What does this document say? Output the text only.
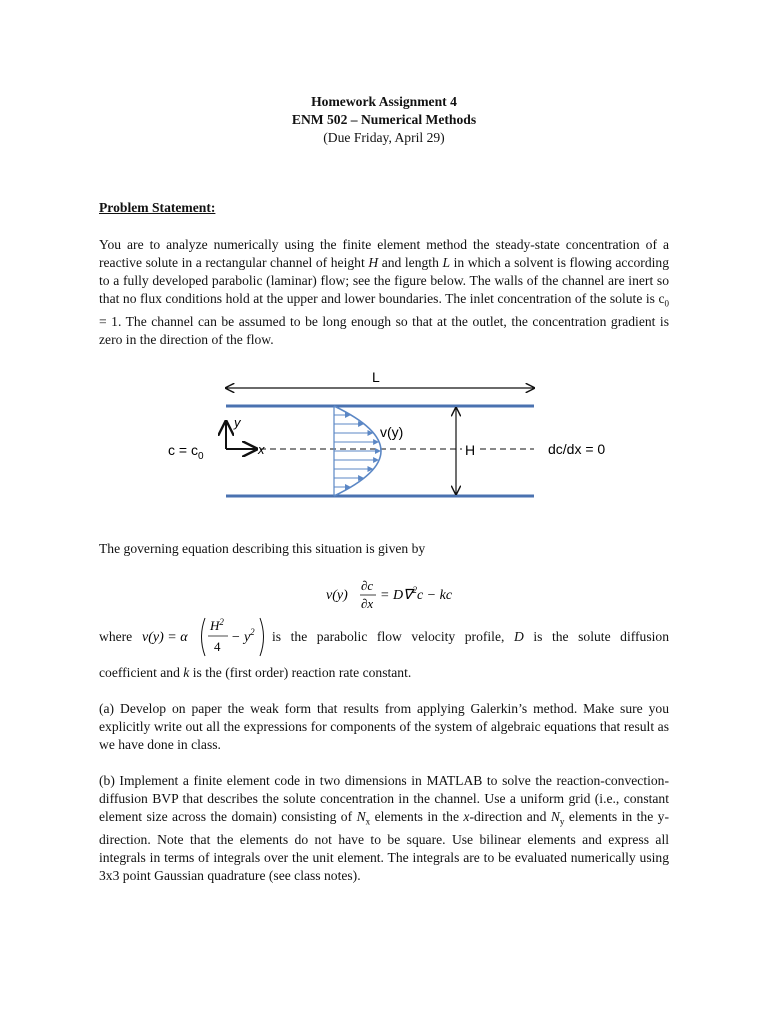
Homework Assignment 4
ENM 502 – Numerical Methods
(Due Friday, April 29)
Problem Statement:
You are to analyze numerically using the finite element method the steady-state concentration of a reactive solute in a rectangular channel of height H and length L in which a solvent is flowing according to a fully developed parabolic (laminar) flow; see the figure below. The walls of the channel are inert so that no flux conditions hold at the upper and lower boundaries. The inlet concentration of the solute is $c_0 = 1$. The channel can be assumed to be long enough so that at the outlet, the concentration gradient is zero in the direction of the flow.
L
y
x
v(y)
H
$c = c_0$	dc/dx = 0
The governing equation describing this situation is given by
v(y)
∂c
∂x
= D∇$^2$c − kc
where v(y) = α
$H^2$
4
− $y^2$ is the parabolic flow velocity profile, D is the solute diffusion
coefficient and k is the (first order) reaction rate constant.
(a) Develop on paper the weak form that results from applying Galerkin’s method. Make sure you explicitly write out all the expressions for components of the system of algebraic equations that result as we have done in class.
(b) Implement a finite element code in two dimensions in MATLAB to solve the reaction-convection-diffusion BVP that describes the solute concentration in the channel. Use a uniform grid (i.e., constant element size across the domain) consisting of $N_x$ elements in the x-direction and $N_y$ elements in the y-direction. Note that the elements do not have to be square. Use bilinear elements and express all integrals in terms of integrals over the unit element. The integrals are to be evaluated numerically using 3x3 point Gaussian quadrature (see class notes).
